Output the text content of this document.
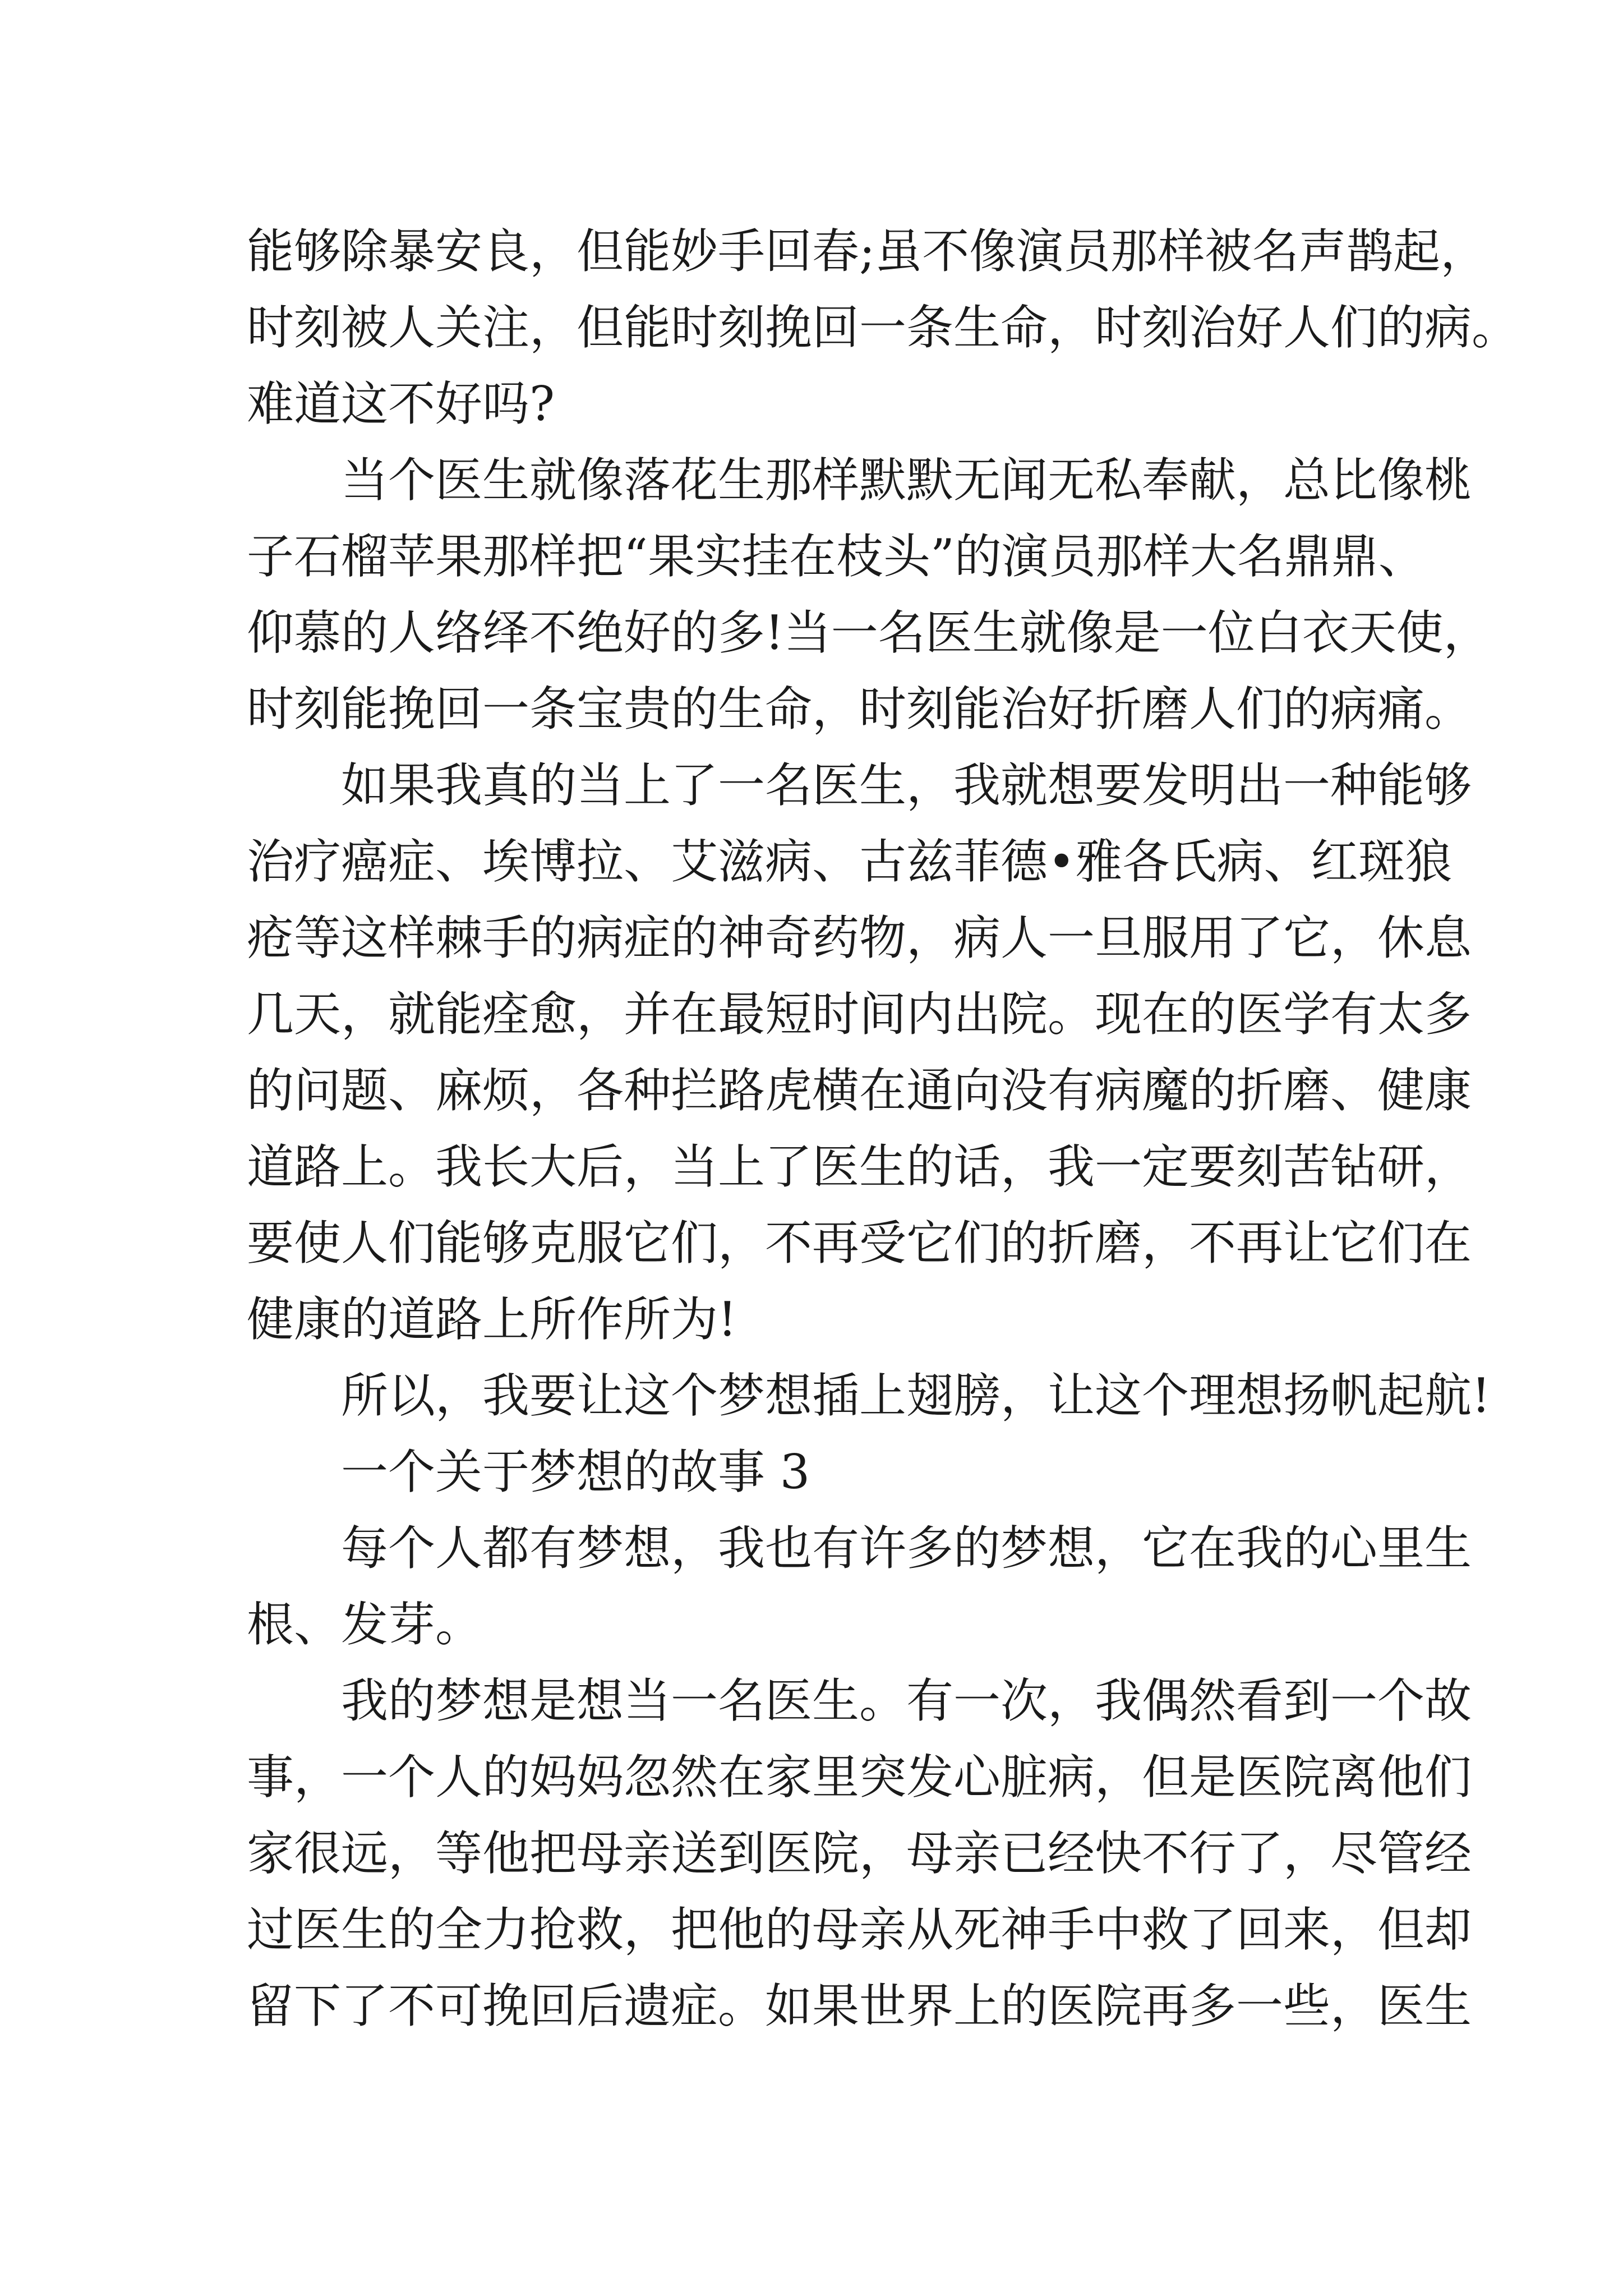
能够除暴安良，但能妙手回春;虽不像演员那样被名声鹊起，
时刻被人关注，但能时刻挽回一条生命，时刻治好人们的病。
难道这不好吗?
当个医生就像落花生那样默默无闻无私奉献，总比像桃
子石榴苹果那样把“果实挂在枝头”的演员那样大名鼎鼎、
仰慕的人络绎不绝好的多!当一名医生就像是一位白衣天使，
时刻能挽回一条宝贵的生命，时刻能治好折磨人们的病痛。
如果我真的当上了一名医生，我就想要发明出一种能够
治疗癌症、埃博拉、艾滋病、古兹菲德•雅各氏病、红斑狼
疮等这样棘手的病症的神奇药物，病人一旦服用了它，休息
几天，就能痊愈，并在最短时间内出院。现在的医学有太多
的问题、麻烦，各种拦路虎横在通向没有病魔的折磨、健康
道路上。我长大后，当上了医生的话，我一定要刻苦钻研，
要使人们能够克服它们，不再受它们的折磨，不再让它们在
健康的道路上所作所为!
所以，我要让这个梦想插上翅膀，让这个理想扬帆起航!
一个关于梦想的故事 3
每个人都有梦想，我也有许多的梦想，它在我的心里生
根、发芽。
我的梦想是想当一名医生。有一次，我偶然看到一个故
事，一个人的妈妈忽然在家里突发心脏病，但是医院离他们
家很远，等他把母亲送到医院，母亲已经快不行了，尽管经
过医生的全力抢救，把他的母亲从死神手中救了回来，但却
留下了不可挽回后遗症。如果世界上的医院再多一些，医生
